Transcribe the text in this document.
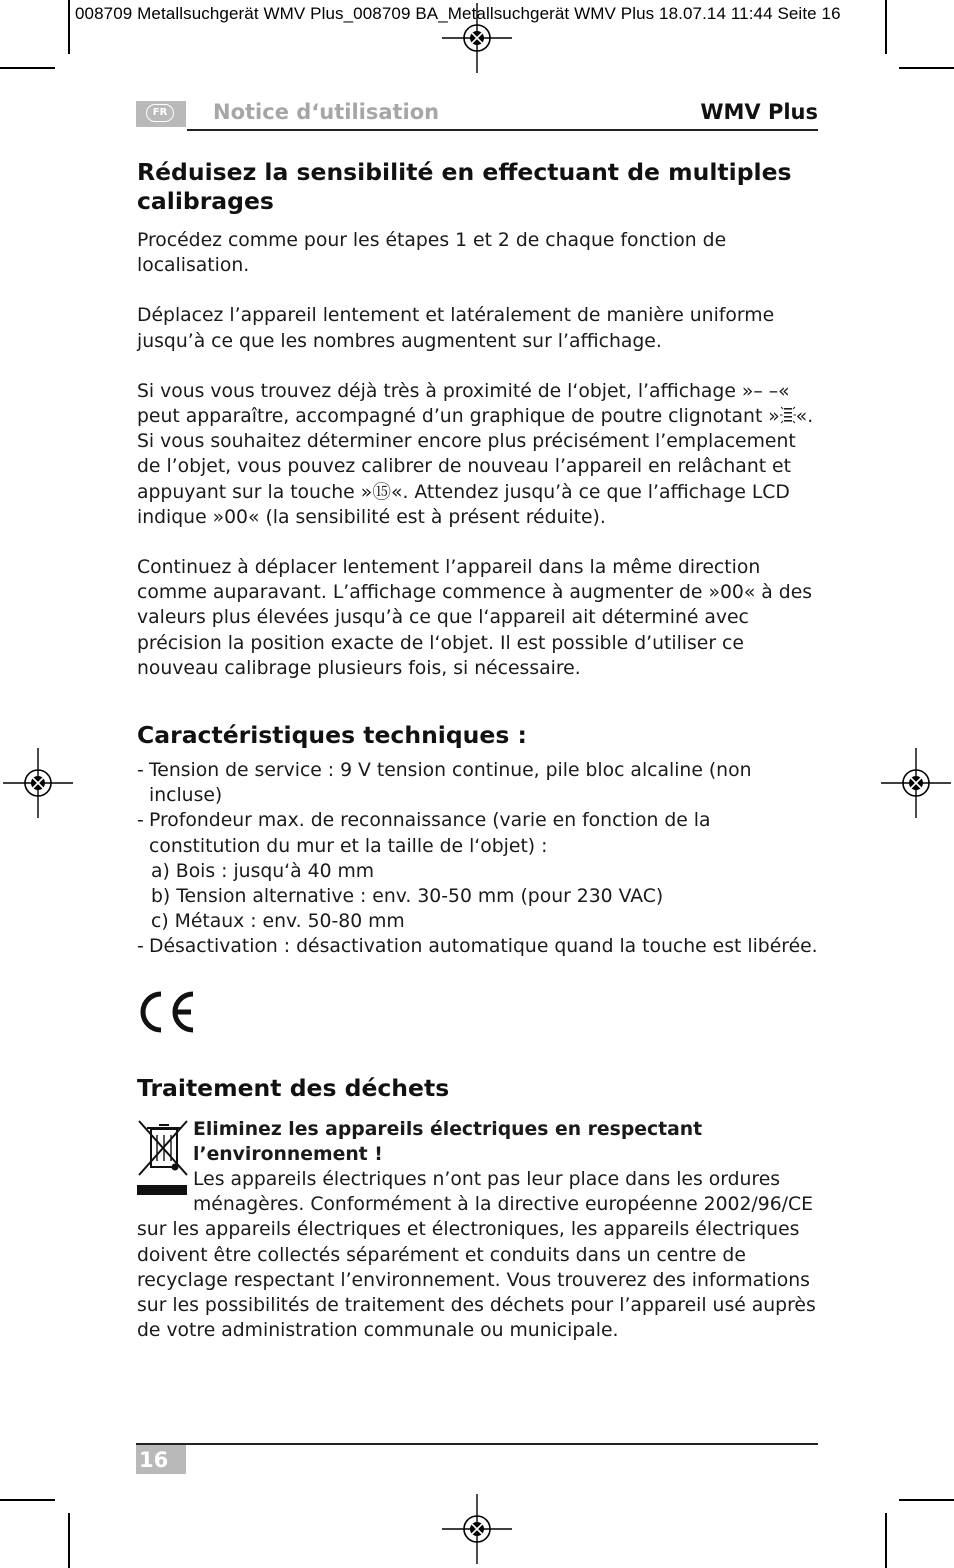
008709 Metallsuchgerät WMV Plus_008709 BA_Metallsuchgerät WMV Plus 18.07.14 11:44 Seite 16
FR	Notice d‘utilisation	WMV Plus
Réduisez la sensibilité en effectuant de multiples calibrages

Procédez comme pour les étapes 1 et 2 de chaque fonction de localisation.

Déplacez l’appareil lentement et latéralement de manière uniforme jusqu’à ce que les nombres augmentent sur l’affichage.

Si vous vous trouvez déjà très à proximité de l‘objet, l’affichage »– –« peut apparaître, accompagné d’un graphique de poutre clignotant » «. Si vous souhaitez déterminer encore plus précisément l’emplacement de l’objet, vous pouvez calibrer de nouveau l’appareil en relâchant et appuyant sur la touche »⑮«. Attendez jusqu’à ce que l’affichage LCD indique »00« (la sensibilité est à présent réduite).

Continuez à déplacer lentement l’appareil dans la même direction comme auparavant. L’affichage commence à augmenter de »00« à des valeurs plus élevées jusqu’à ce que l‘appareil ait déterminé avec précision la position exacte de l‘objet. Il est possible d’utiliser ce nouveau calibrage plusieurs fois, si nécessaire.

Caractéristiques techniques :
- Tension de service : 9 V tension continue, pile bloc alcaline (non incluse)
- Profondeur max. de reconnaissance (varie en fonction de la constitution du mur et la taille de l‘objet) :
a) Bois : jusqu‘à 40 mm
b) Tension alternative : env. 30-50 mm (pour 230 VAC)
c) Métaux : env. 50-80 mm
- Désactivation : désactivation automatique quand la touche est libérée.
Traitement des déchets

Eliminez les appareils électriques en respectant l’environnement !

Les appareils électriques n’ont pas leur place dans les ordures ménagères. Conformément à la directive européenne 2002/96/CE sur les appareils électriques et électroniques, les appareils électriques doivent être collectés séparément et conduits dans un centre de recyclage respectant l’environnement. Vous trouverez des informations sur les possibilités de traitement des déchets pour l’appareil usé auprès de votre administration communale ou municipale.

16
